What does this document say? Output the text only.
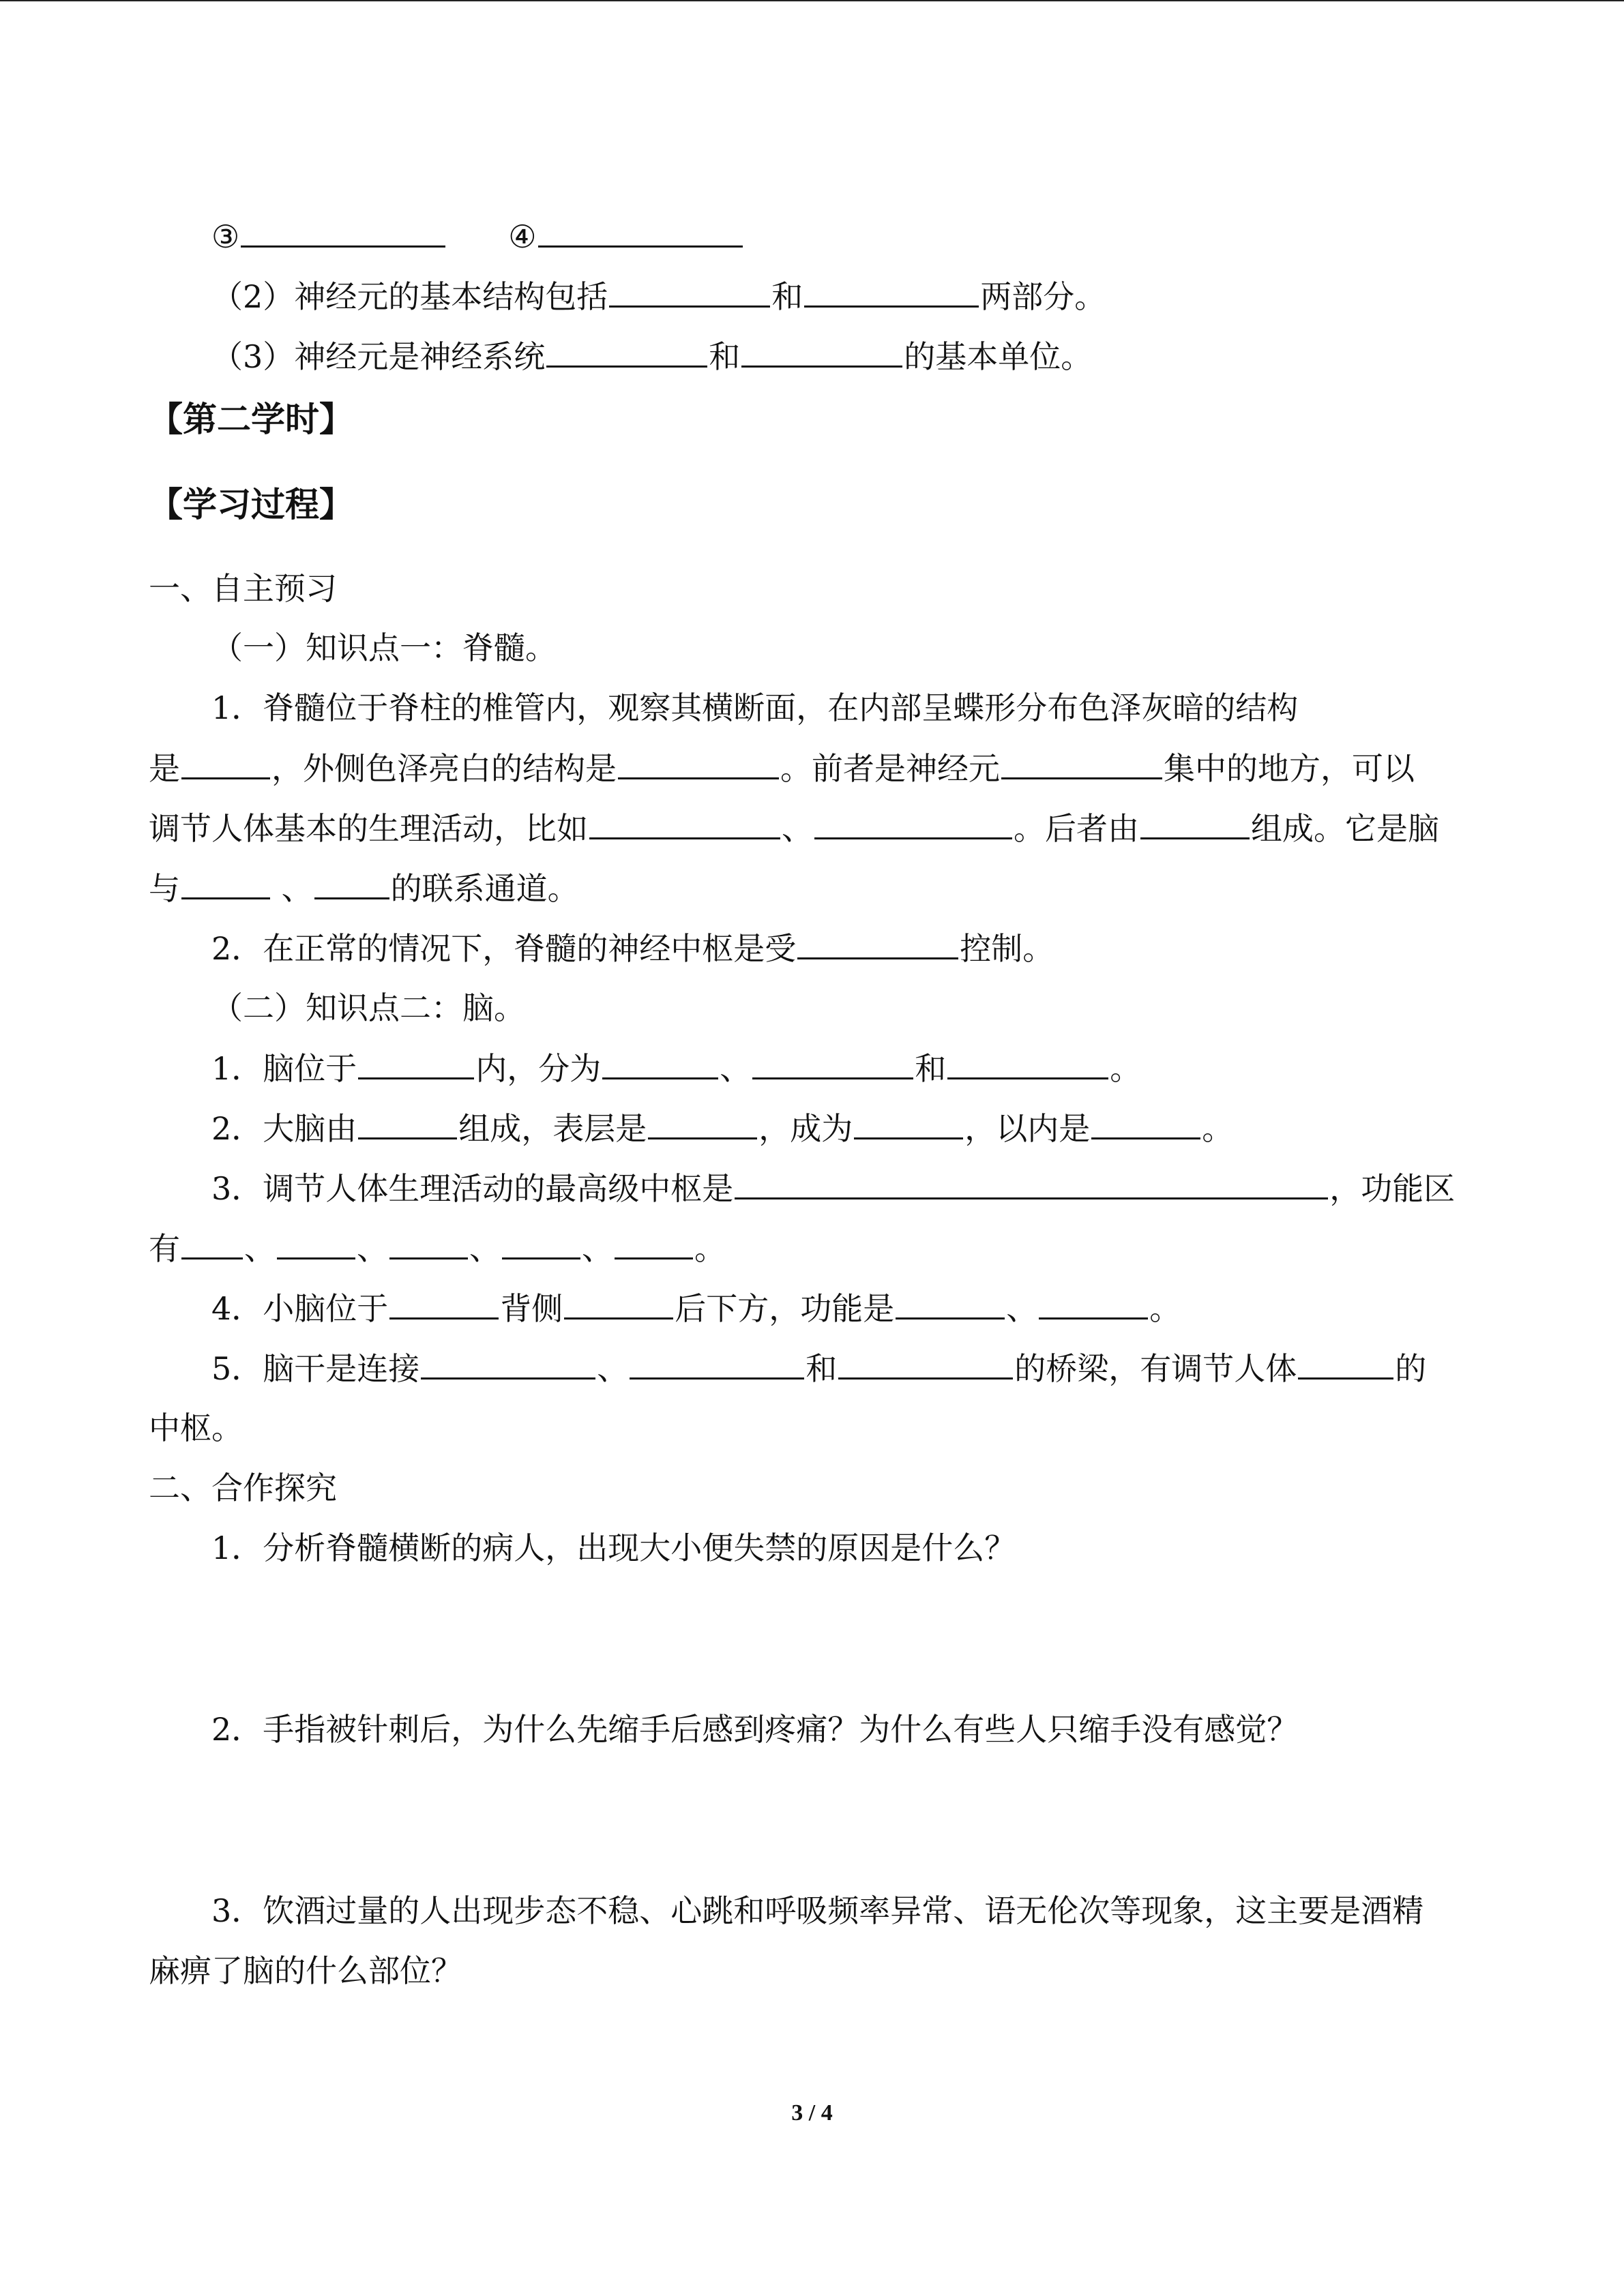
③	④
（2）神经元的基本结构包括	和	两部分。
（3）神经元是神经系统	和	的基本单位。
【第二学时】
【学习过程】
一、自主预习
（一）知识点一：脊髓。
1．脊髓位于脊柱的椎管内，观察其横断面，在内部呈蝶形分布色泽灰暗的结构
是	，外侧色泽亮白的结构是	。前者是神经元	集中的地方，可以
调节人体基本的生理活动，比如	、	。后者由	组成。它是脑
与	、 的联系通道。
2．在正常的情况下，脊髓的神经中枢是受	控制。
（二）知识点二：脑。
1．脑位于	内，分为	、	和	。
2．大脑由	组成，表层是	，成为	，以内是	。
3．调节人体生理活动的最高级中枢是	，功能区
有 、	、	、	、	。
4．小脑位于	背侧	后下方，功能是	、	。
5．脑干是连接	、	和	的桥梁，有调节人体	的
中枢。
二、合作探究
1．分析脊髓横断的病人，出现大小便失禁的原因是什么？
2．手指被针刺后，为什么先缩手后感到疼痛？为什么有些人只缩手没有感觉？
3．饮酒过量的人出现步态不稳、心跳和呼吸频率异常、语无伦次等现象，这主要是酒精
麻痹了脑的什么部位？
3 / 4
